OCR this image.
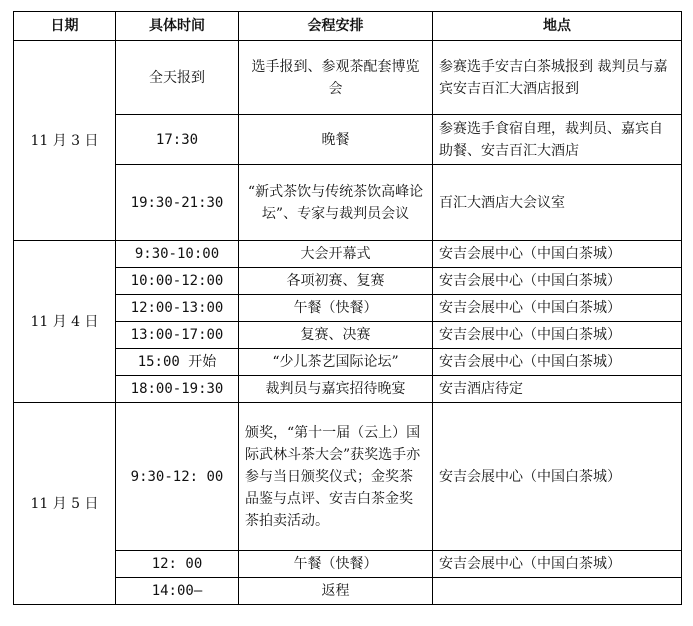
日期	具体时间	会程安排	地点
11 月 3 日	全天报到	选手报到、参观茶配套博览会	参赛选手安吉白茶城报到 裁判员与嘉宾安吉百汇大酒店报到
	17:30	晚餐	参赛选手食宿自理，裁判员、嘉宾自助餐、安吉百汇大酒店
	19:30-21:30	“新式茶饮与传统茶饮高峰论坛”、专家与裁判员会议	百汇大酒店大会议室
11 月 4 日	9:30-10:00	大会开幕式	安吉会展中心（中国白茶城）
	10:00-12:00	各项初赛、复赛	安吉会展中心（中国白茶城）
	12:00-13:00	午餐（快餐）	安吉会展中心（中国白茶城）
	13:00-17:00	复赛、决赛	安吉会展中心（中国白茶城）
	15:00 开始	“少儿茶艺国际论坛”	安吉会展中心（中国白茶城）
	18:00-19:30	裁判员与嘉宾招待晚宴	安吉酒店待定
11 月 5 日	9:30-12: 00	颁奖，“第十一届（云上）国际武林斗茶大会”获奖选手亦参与当日颁奖仪式；金奖茶品鉴与点评、安吉白茶金奖茶拍卖活动。	安吉会展中心（中国白茶城）
	12: 00	午餐（快餐）	安吉会展中心（中国白茶城）
	14:00—	返程	
